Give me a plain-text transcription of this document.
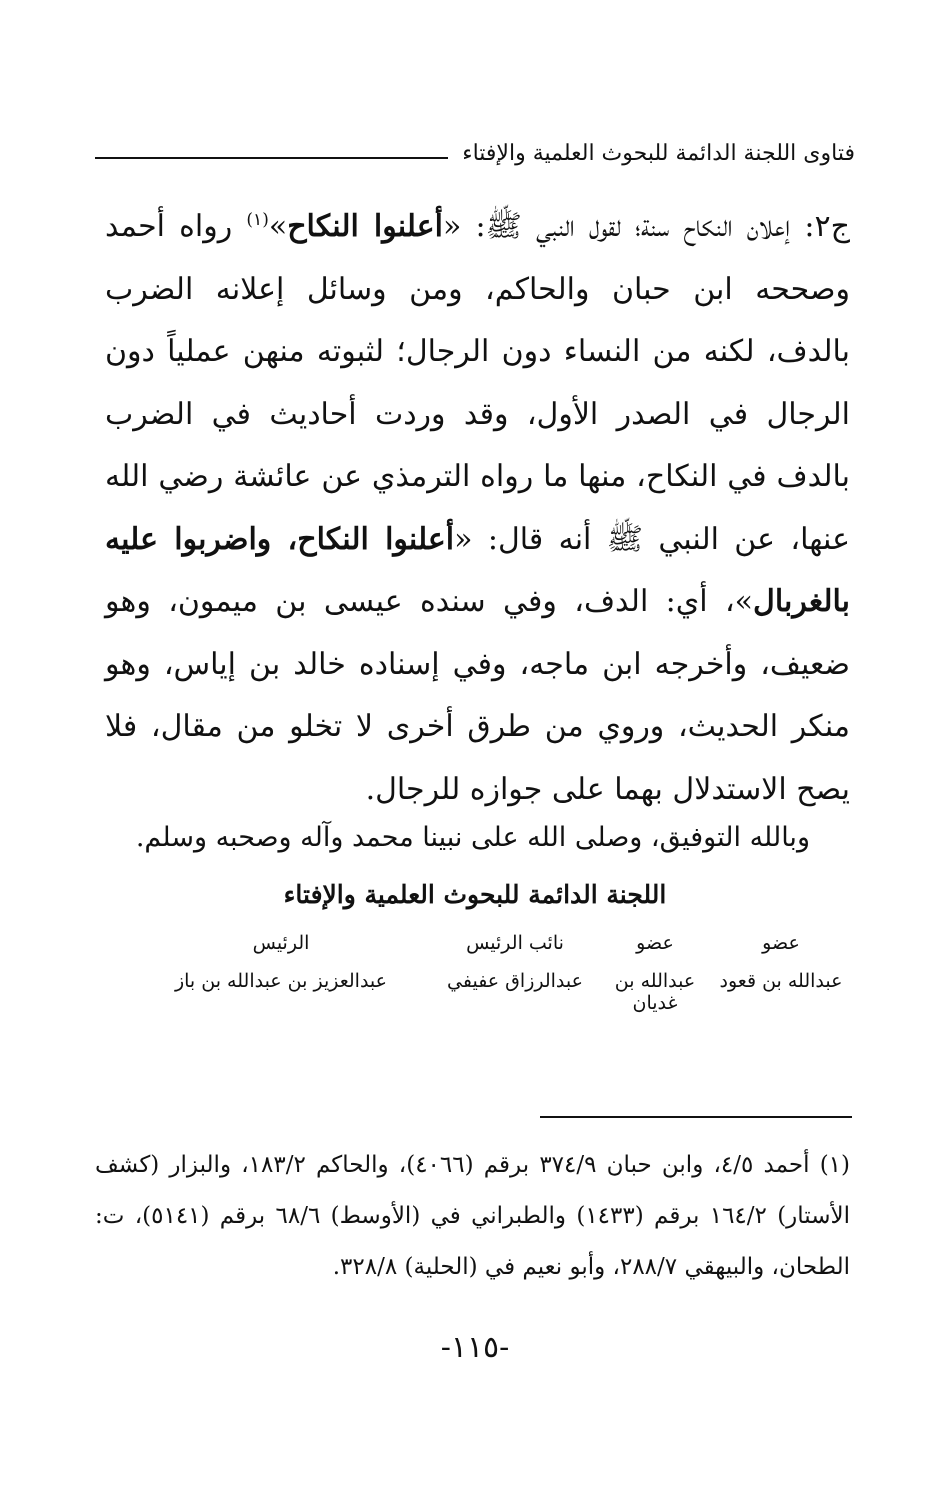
فتاوى اللجنة الدائمة للبحوث العلمية والإفتاء

ج٢: إعلان النكاح سنة؛ لقول النبي ﷺ: «أعلنوا النكاح»$^{(١)}$ رواه أحمد وصححه ابن حبان والحاكم، ومن وسائل إعلانه الضرب بالدف، لكنه من النساء دون الرجال؛ لثبوته منهن عملياً دون الرجال في الصدر الأول، وقد وردت أحاديث في الضرب بالدف في النكاح، منها ما رواه الترمذي عن عائشة رضي الله عنها، عن النبي ﷺ أنه قال: «أعلنوا النكاح، واضربوا عليه بالغربال»، أي: الدف، وفي سنده عيسى بن ميمون، وهو ضعيف، وأخرجه ابن ماجه، وفي إسناده خالد بن إياس، وهو منكر الحديث، وروي من طرق أخرى لا تخلو من مقال، فلا يصح الاستدلال بهما على جوازه للرجال.

وبالله التوفيق، وصلى الله على نبينا محمد وآله وصحبه وسلم.
اللجنة الدائمة للبحوث العلمية والإفتاء
عضو
عضو
نائب الرئيس
الرئيس
عبدالله بن قعود
عبدالله بن غديان
عبدالرزاق عفيفي
عبدالعزيز بن عبدالله بن باز

(١) أحمد ٤/٥، وابن حبان ٣٧٤/٩ برقم (٤٠٦٦)، والحاكم ١٨٣/٢، والبزار (كشف الأستار) ١٦٤/٢ برقم (١٤٣٣) والطبراني في (الأوسط) ٦٨/٦ برقم (٥١٤١)، ت: الطحان، والبيهقي ٢٨٨/٧، وأبو نعيم في (الحلية) ٣٢٨/٨.

-١١٥-
